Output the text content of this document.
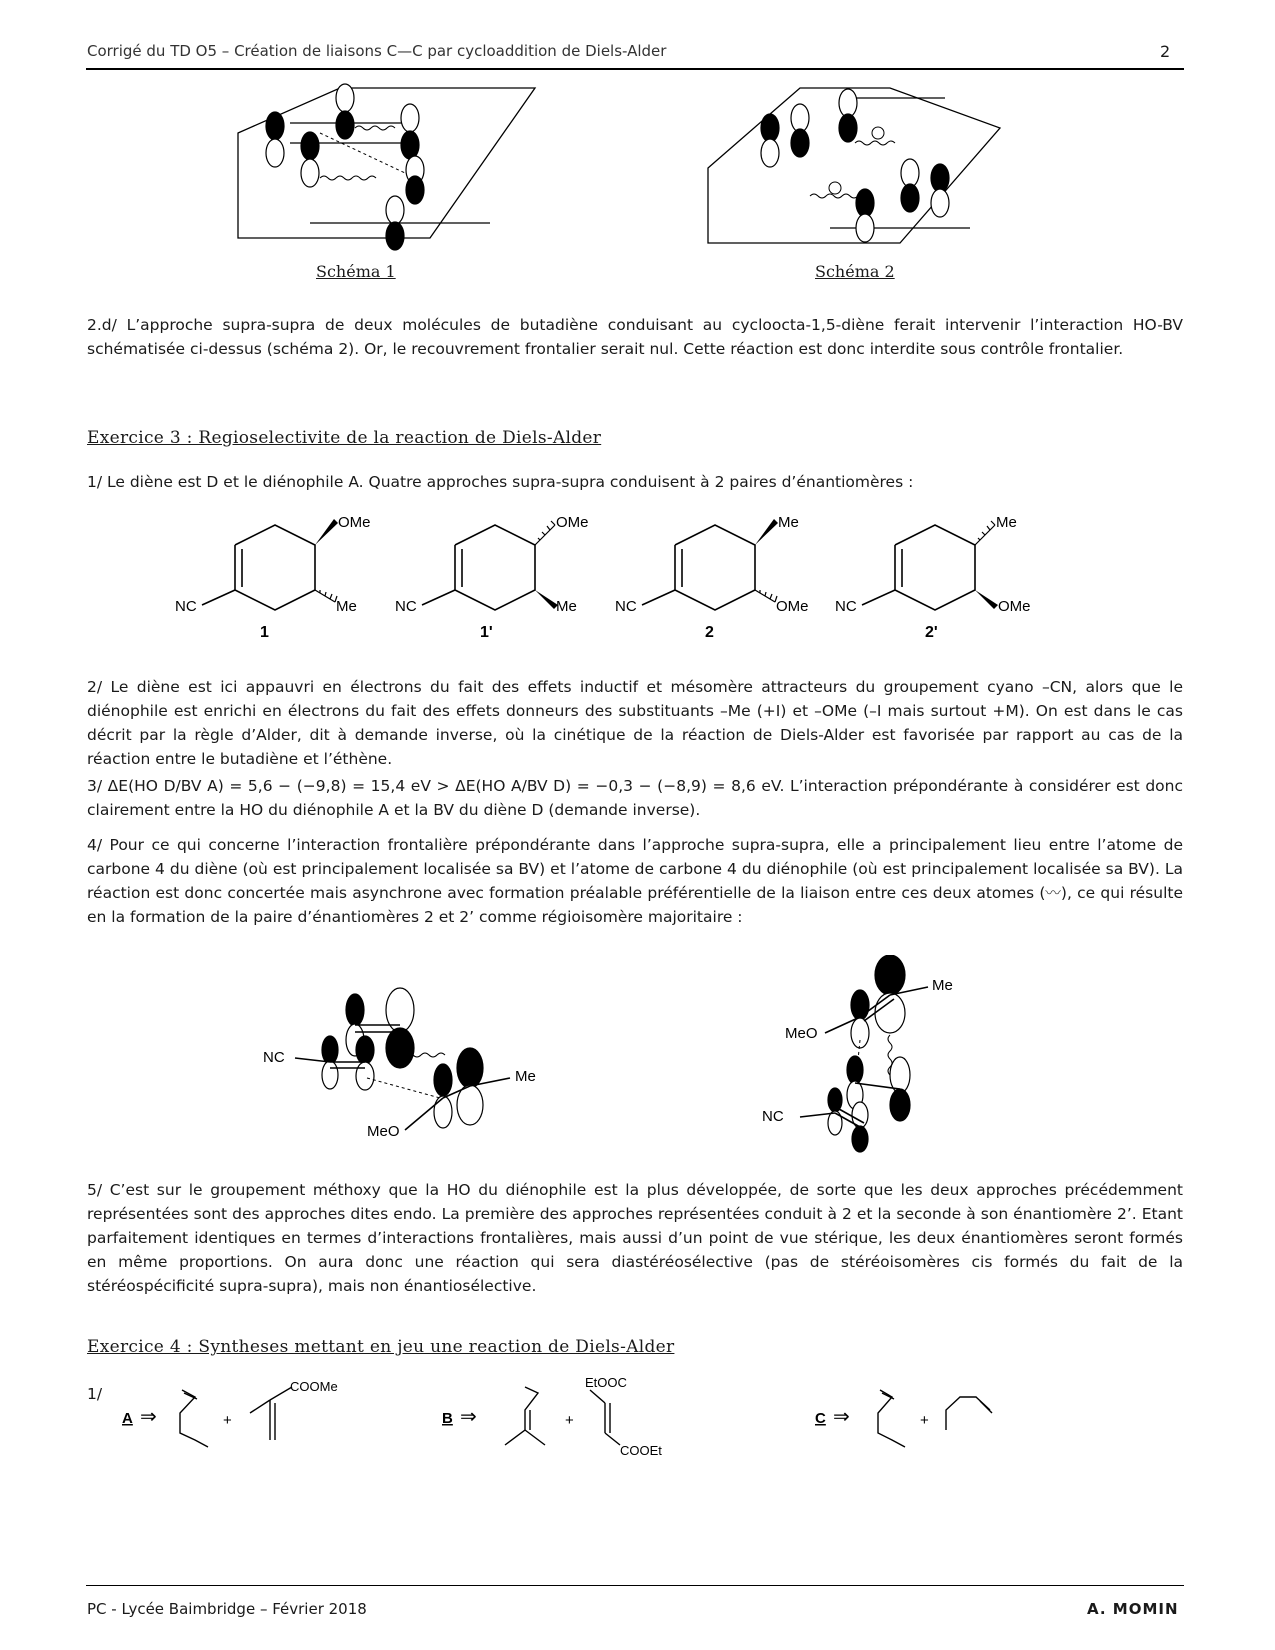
Corrigé du TD O5 – Création de liaisons C—C par cycloaddition de Diels-Alder	2
Schéma 1	Schéma 2
2.d/ L’approche supra-supra de deux molécules de butadiène conduisant au cycloocta-1,5-diène ferait intervenir l’interaction HO-BV schématisée ci-dessus (schéma 2). Or, le recouvrement frontalier serait nul. Cette réaction est donc interdite sous contrôle frontalier.
Exercice 3 : Regioselectivite de la reaction de Diels-Alder
1/ Le diène est D et le diénophile A. Quatre approches supra-supra conduisent à 2 paires d’énantiomères :
OMe
Me
NC
1
OMe
Me
NC
1'
Me
OMe
NC
2
Me
OMe
NC
2'
2/ Le diène est ici appauvri en électrons du fait des effets inductif et mésomère attracteurs du groupement cyano –CN, alors que le diénophile est enrichi en électrons du fait des effets donneurs des substituants –Me (+I) et –OMe (–I mais surtout +M). On est dans le cas décrit par la règle d’Alder, dit à demande inverse, où la cinétique de la réaction de Diels-Alder est favorisée par rapport au cas de la réaction entre le butadiène et l’éthène.
3/ ΔE(HO D/BV A) = 5,6 − (−9,8) = 15,4 eV > ΔE(HO A/BV D) = −0,3 − (−8,9) = 8,6 eV. L’interaction prépondérante à considérer est donc clairement entre la HO du diénophile A et la BV du diène D (demande inverse).
4/ Pour ce qui concerne l’interaction frontalière prépondérante dans l’approche supra-supra, elle a principalement lieu entre l’atome de carbone 4 du diène (où est principalement localisée sa BV) et l’atome de carbone 4 du diénophile (où est principalement localisée sa BV). La réaction est donc concertée mais asynchrone avec formation préalable préférentielle de la liaison entre ces deux atomes (〰), ce qui résulte en la formation de la paire d’énantiomères 2 et 2’ comme régioisomère majoritaire :
NC
Me
MeO
Me
MeO
NC
5/ C’est sur le groupement méthoxy que la HO du diénophile est la plus développée, de sorte que les deux approches précédemment représentées sont des approches dites endo. La première des approches représentées conduit à 2 et la seconde à son énantiomère 2’. Etant parfaitement identiques en termes d’interactions frontalières, mais aussi d’un point de vue stérique, les deux énantiomères seront formés en même proportions. On aura donc une réaction qui sera diastéréosélective (pas de stéréoisomères cis formés du fait de la stéréospécificité supra-supra), mais non énantiosélective.
Exercice 4 : Syntheses mettant en jeu une reaction de Diels-Alder
1/
A ⇒	+
COOMe
B ⇒	+
EtOOC
COOEt
C ⇒	+
PC - Lycée Baimbridge – Février 2018	A. MOMIN
